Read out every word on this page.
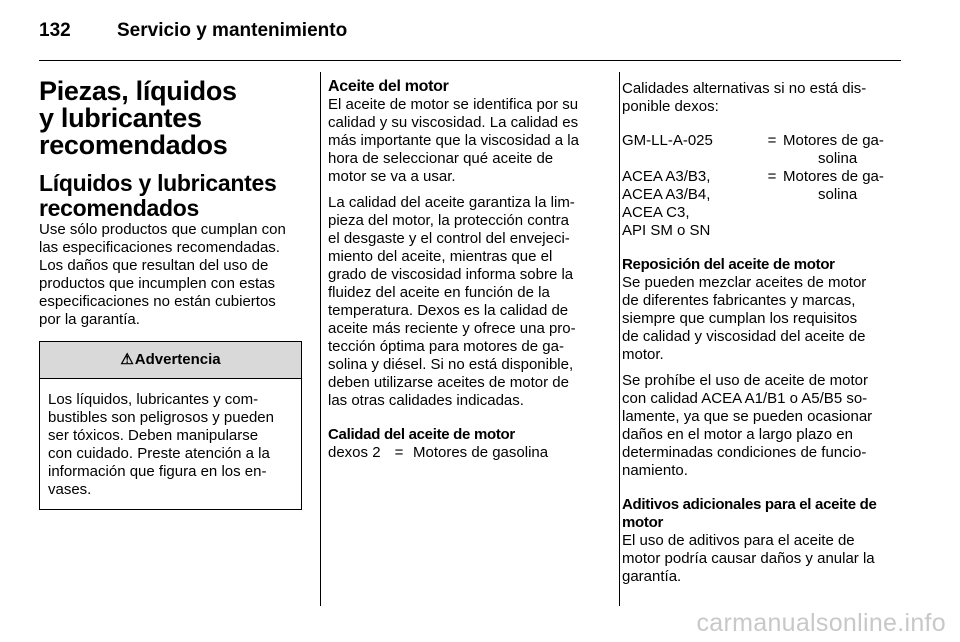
132 Servicio y mantenimiento
Piezas, líquidos
y lubricantes
recomendados
Líquidos y lubricantes
recomendados
Use sólo productos que cumplan con
las especificaciones recomendadas.
Los daños que resultan del uso de
productos que incumplen con estas
especificaciones no están cubiertos
por la garantía.
⚠Advertencia
Los líquidos, lubricantes y com-
bustibles son peligrosos y pueden
ser tóxicos. Deben manipularse
con cuidado. Preste atención a la
información que figura en los en-
vases.
Aceite del motor
El aceite de motor se identifica por su
calidad y su viscosidad. La calidad es
más importante que la viscosidad a la
hora de seleccionar qué aceite de
motor se va a usar.
La calidad del aceite garantiza la lim-
pieza del motor, la protección contra
el desgaste y el control del envejeci-
miento del aceite, mientras que el
grado de viscosidad informa sobre la
fluidez del aceite en función de la
temperatura. Dexos es la calidad de
aceite más reciente y ofrece una pro-
tección óptima para motores de ga-
solina y diésel. Si no está disponible,
deben utilizarse aceites de motor de
las otras calidades indicadas.
Calidad del aceite de motor
dexos 2 = Motores de gasolina
Calidades alternativas si no está dis-
ponible dexos:
GM-LL-A-025	= Motores de ga-
solina
ACEA A3/B3,
ACEA A3/B4,
ACEA C3,
API SM o SN
= Motores de ga-
solina
Reposición del aceite de motor
Se pueden mezclar aceites de motor
de diferentes fabricantes y marcas,
siempre que cumplan los requisitos
de calidad y viscosidad del aceite de
motor.
Se prohíbe el uso de aceite de motor
con calidad ACEA A1/B1 o A5/B5 so-
lamente, ya que se pueden ocasionar
daños en el motor a largo plazo en
determinadas condiciones de funcio-
namiento.
Aditivos adicionales para el aceite de
motor
El uso de aditivos para el aceite de
motor podría causar daños y anular la
garantía.
carmanualsonline.info
